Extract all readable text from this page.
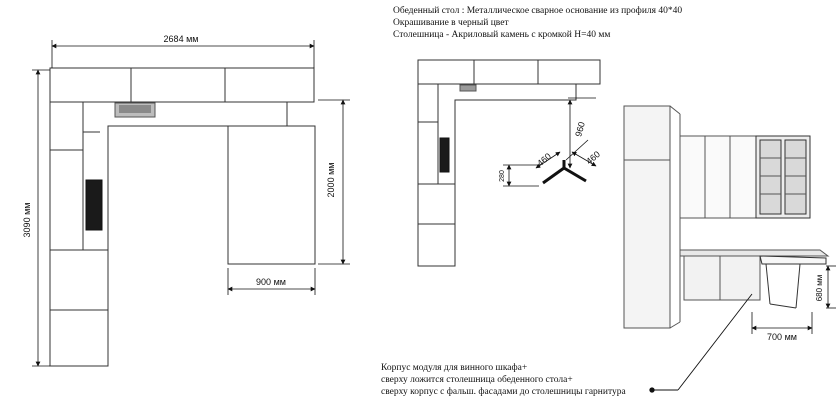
Обеденный стол : Металлическое сварное основание из профиля 40*40
Окрашивание в черный цвет
Столешница - Акриловый камень с кромкой H=40 мм
Корпус модуля для винного шкафа+
сверху ложится столешница обеденного стола+
сверху корпус с фальш. фасадами до столешницы гарнитура
2684 мм
3090 мм
2000 мм
900 мм
960
460	460
280
680 мм
700 мм
